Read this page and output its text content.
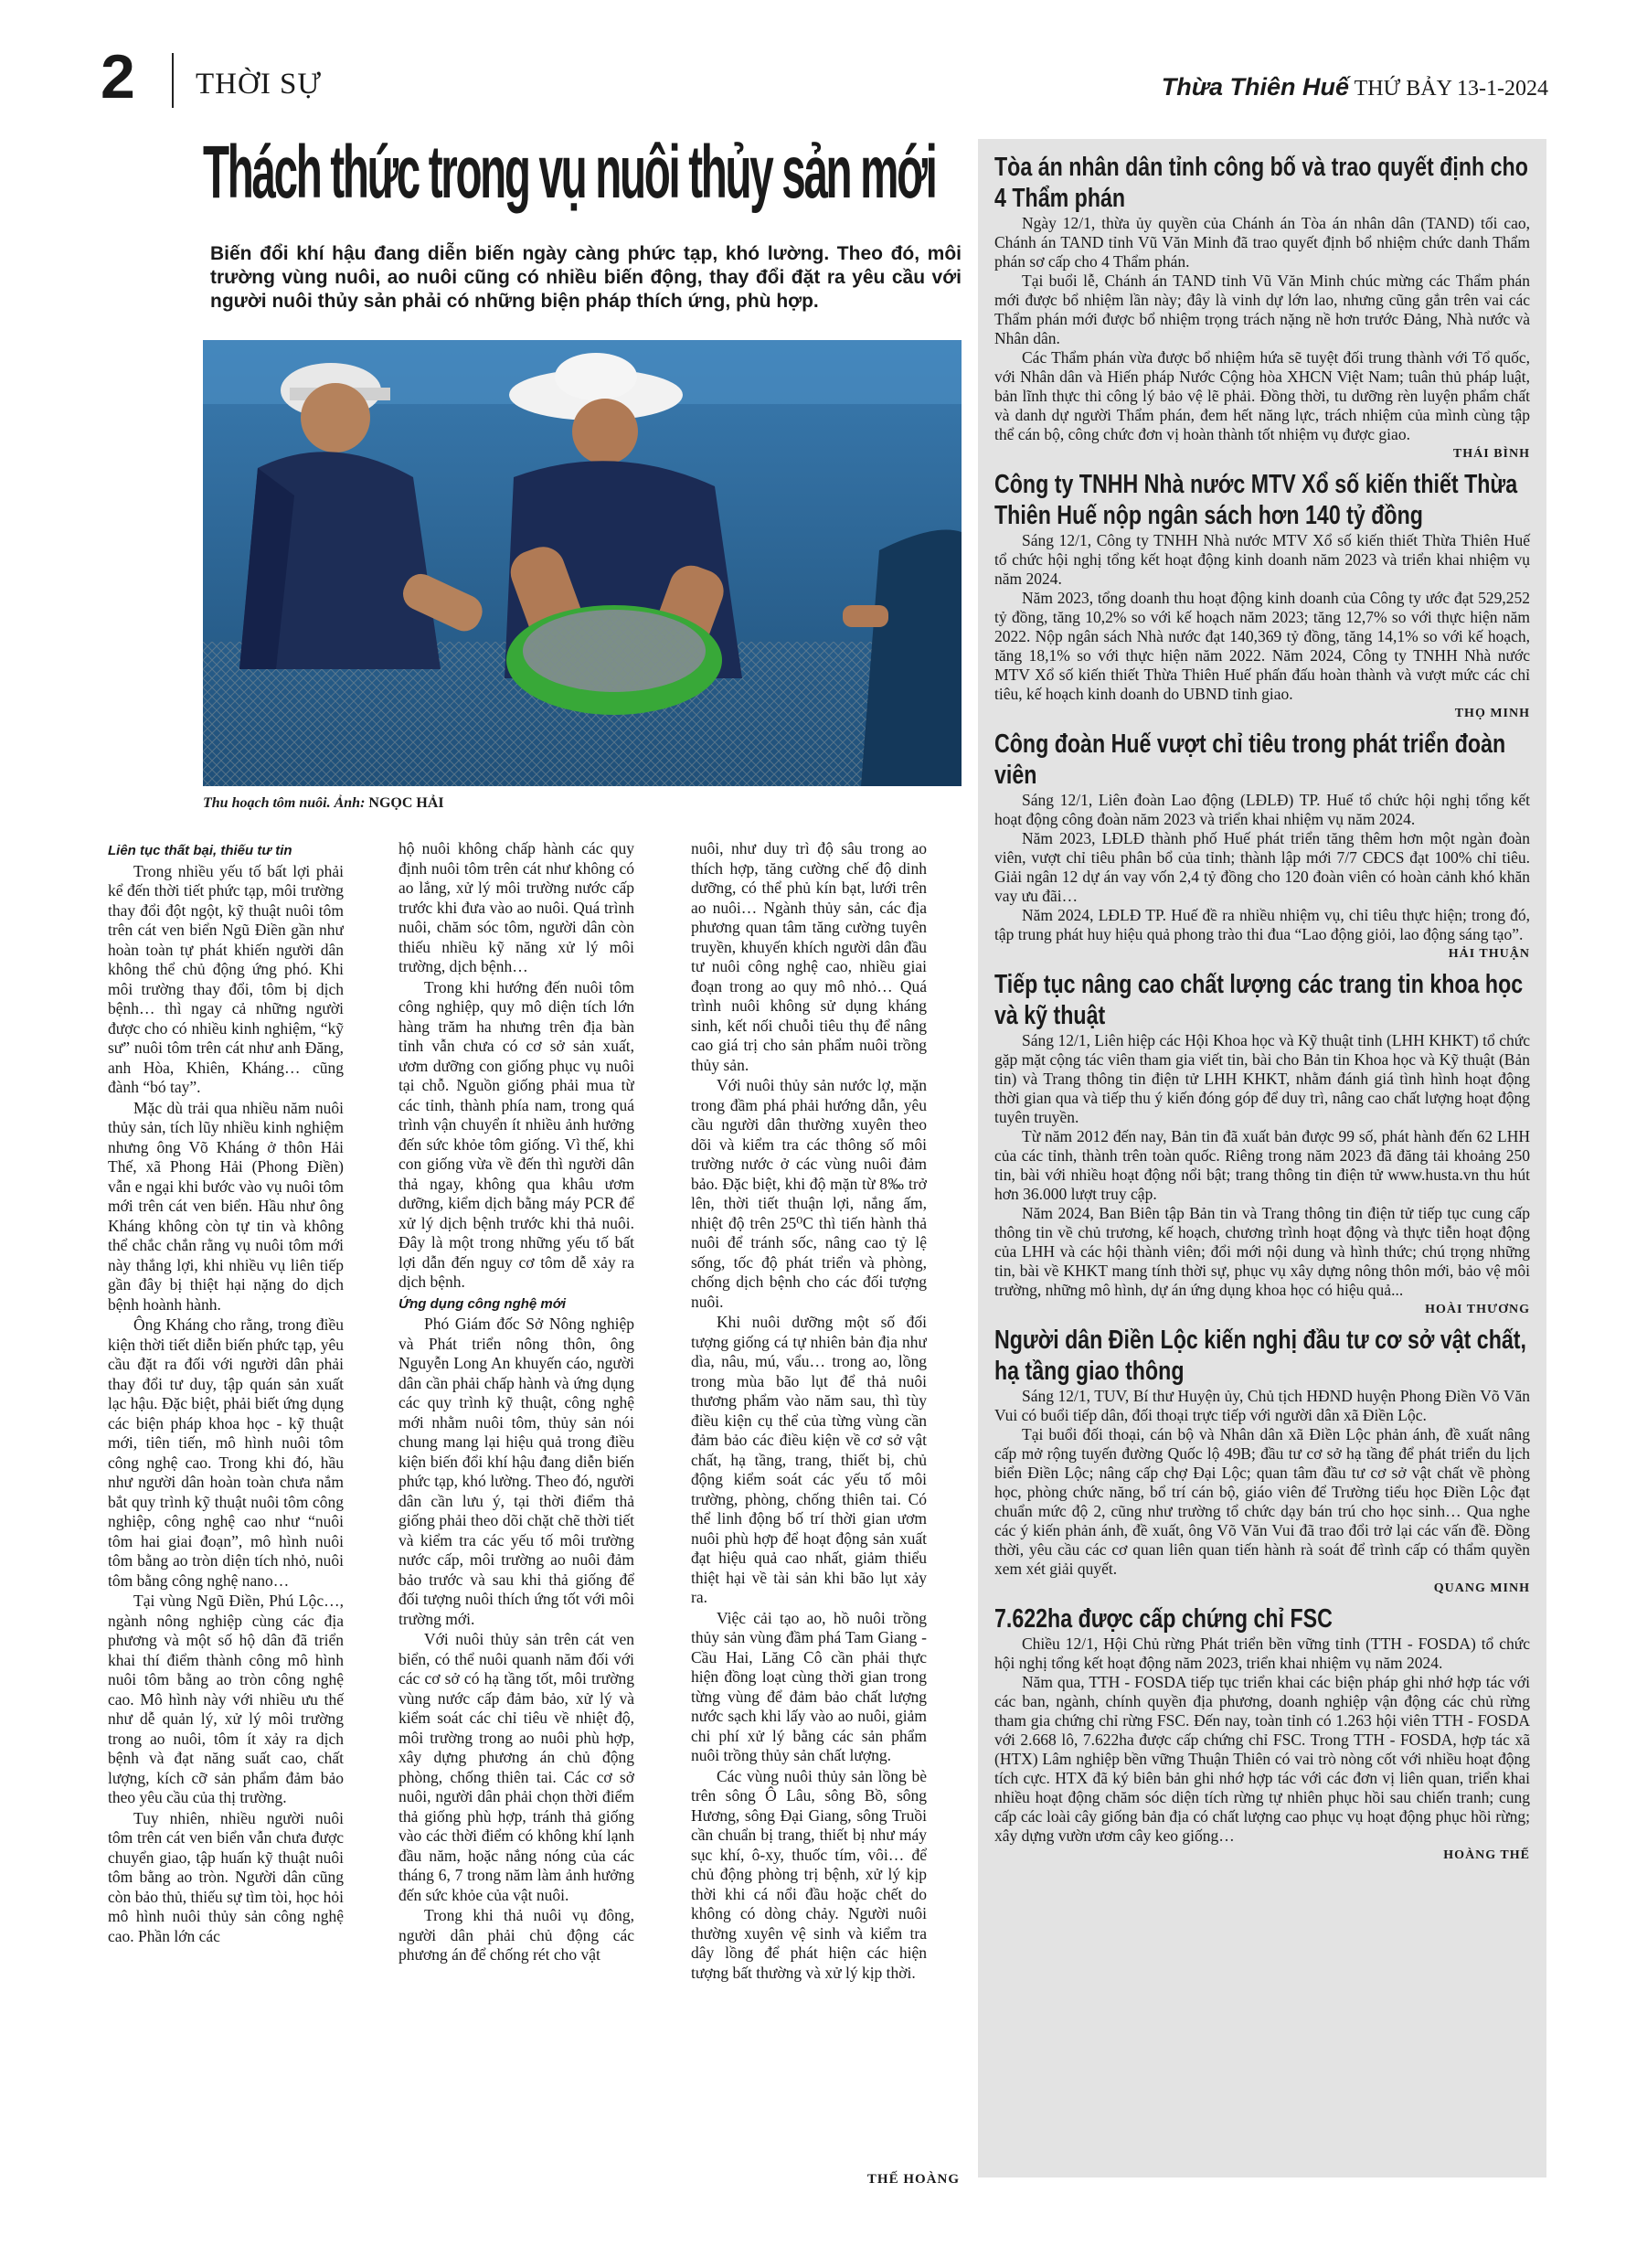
2 THỜI SỰ	Thừa Thiên Huế THỨ BẢY 13-1-2024
Thách thức trong vụ nuôi thủy sản mới
Biến đổi khí hậu đang diễn biến ngày càng phức tạp, khó lường. Theo đó, môi trường vùng nuôi, ao nuôi cũng có nhiều biến động, thay đổi đặt ra yêu cầu với người nuôi thủy sản phải có những biện pháp thích ứng, phù hợp.
Thu hoạch tôm nuôi. Ảnh: NGỌC HẢI

Liên tục thất bại, thiếu tư tin

Trong nhiều yếu tố bất lợi phải kể đến thời tiết phức tạp, môi trường thay đổi đột ngột, kỹ thuật nuôi tôm trên cát ven biển Ngũ Điền gần như hoàn toàn tự phát khiến người dân không thể chủ động ứng phó. Khi môi trường thay đổi, tôm bị dịch bệnh… thì ngay cả những người được cho có nhiều kinh nghiệm, “kỹ sư” nuôi tôm trên cát như anh Đăng, anh Hòa, Khiên, Kháng… cũng đành “bó tay”.

Mặc dù trải qua nhiều năm nuôi thủy sản, tích lũy nhiều kinh nghiệm nhưng ông Võ Kháng ở thôn Hải Thế, xã Phong Hải (Phong Điền) vẫn e ngại khi bước vào vụ nuôi tôm mới trên cát ven biển. Hầu như ông Kháng không còn tự tin và không thể chắc chắn rằng vụ nuôi tôm mới này thắng lợi, khi nhiều vụ liên tiếp gần đây bị thiệt hại nặng do dịch bệnh hoành hành.

Ông Kháng cho rằng, trong điều kiện thời tiết diễn biến phức tạp, yêu cầu đặt ra đối với người dân phải thay đổi tư duy, tập quán sản xuất lạc hậu. Đặc biệt, phải biết ứng dụng các biện pháp khoa học - kỹ thuật mới, tiên tiến, mô hình nuôi tôm công nghệ cao. Trong khi đó, hầu như người dân hoàn toàn chưa nắm bắt quy trình kỹ thuật nuôi tôm công nghiệp, công nghệ cao như “nuôi tôm hai giai đoạn”, mô hình nuôi tôm bằng ao tròn diện tích nhỏ, nuôi tôm bằng công nghệ nano…

Tại vùng Ngũ Điền, Phú Lộc…, ngành nông nghiệp cùng các địa phương và một số hộ dân đã triển khai thí điểm thành công mô hình nuôi tôm bằng ao tròn công nghệ cao. Mô hình này với nhiều ưu thế như dễ quản lý, xử lý môi trường trong ao nuôi, tôm ít xảy ra dịch bệnh và đạt năng suất cao, chất lượng, kích cỡ sản phẩm đảm bảo theo yêu cầu của thị trường.

Tuy nhiên, nhiều người nuôi tôm trên cát ven biển vẫn chưa được chuyển giao, tập huấn kỹ thuật nuôi tôm bằng ao tròn. Người dân cũng còn bảo thủ, thiếu sự tìm tòi, học hỏi mô hình nuôi thủy sản công nghệ cao. Phần lớn các

hộ nuôi không chấp hành các quy định nuôi tôm trên cát như không có ao lắng, xử lý môi trường nước cấp trước khi đưa vào ao nuôi. Quá trình nuôi, chăm sóc tôm, người dân còn thiếu nhiều kỹ năng xử lý môi trường, dịch bệnh…

Trong khi hướng đến nuôi tôm công nghiệp, quy mô diện tích lớn hàng trăm ha nhưng trên địa bàn tỉnh vẫn chưa có cơ sở sản xuất, ươm dưỡng con giống phục vụ nuôi tại chỗ. Nguồn giống phải mua từ các tỉnh, thành phía nam, trong quá trình vận chuyển ít nhiều ảnh hưởng đến sức khỏe tôm giống. Vì thế, khi con giống vừa về đến thì người dân thả ngay, không qua khâu ươm dưỡng, kiểm dịch bằng máy PCR để xử lý dịch bệnh trước khi thả nuôi. Đây là một trong những yếu tố bất lợi dẫn đến nguy cơ tôm dễ xảy ra dịch bệnh.

Ứng dụng công nghệ mới

Phó Giám đốc Sở Nông nghiệp và Phát triển nông thôn, ông Nguyễn Long An khuyến cáo, người dân cần phải chấp hành và ứng dụng các quy trình kỹ thuật, công nghệ mới nhằm nuôi tôm, thủy sản nói chung mang lại hiệu quả trong điều kiện biến đổi khí hậu đang diễn biến phức tạp, khó lường. Theo đó, người dân cần lưu ý, tại thời điểm thả giống phải theo dõi chặt chẽ thời tiết và kiểm tra các yếu tố môi trường nước cấp, môi trường ao nuôi đảm bảo trước và sau khi thả giống để đối tượng nuôi thích ứng tốt với môi trường mới.

Với nuôi thủy sản trên cát ven biển, có thể nuôi quanh năm đối với các cơ sở có hạ tầng tốt, môi trường vùng nước cấp đảm bảo, xử lý và kiểm soát các chỉ tiêu về nhiệt độ, môi trường trong ao nuôi phù hợp, xây dựng phương án chủ động phòng, chống thiên tai. Các cơ sở nuôi, người dân phải chọn thời điểm thả giống phù hợp, tránh thả giống vào các thời điểm có không khí lạnh đầu năm, hoặc nắng nóng của các tháng 6, 7 trong năm làm ảnh hưởng đến sức khỏe của vật nuôi.

Trong khi thả nuôi vụ đông, người dân phải chủ động các phương án để chống rét cho vật

nuôi, như duy trì độ sâu trong ao thích hợp, tăng cường chế độ dinh dưỡng, có thể phủ kín bạt, lưới trên ao nuôi… Ngành thủy sản, các địa phương quan tâm tăng cường tuyên truyền, khuyến khích người dân đầu tư nuôi công nghệ cao, nhiều giai đoạn trong ao quy mô nhỏ… Quá trình nuôi không sử dụng kháng sinh, kết nối chuỗi tiêu thụ để nâng cao giá trị cho sản phẩm nuôi trồng thủy sản.

Với nuôi thủy sản nước lợ, mặn trong đầm phá phải hướng dẫn, yêu cầu người dân thường xuyên theo dõi và kiểm tra các thông số môi trường nước ở các vùng nuôi đảm bảo. Đặc biệt, khi độ mặn từ 8‰ trở lên, thời tiết thuận lợi, nắng ấm, nhiệt độ trên 25⁰C thì tiến hành thả nuôi để tránh sốc, nâng cao tỷ lệ sống, tốc độ phát triển và phòng, chống dịch bệnh cho các đối tượng nuôi.

Khi nuôi dưỡng một số đối tượng giống cá tự nhiên bản địa như dìa, nâu, mú, vẩu… trong ao, lồng trong mùa bão lụt để thả nuôi thương phẩm vào năm sau, thì tùy điều kiện cụ thể của từng vùng cần đảm bảo các điều kiện về cơ sở vật chất, hạ tầng, trang, thiết bị, chủ động kiểm soát các yếu tố môi trường, phòng, chống thiên tai. Có thể linh động bố trí thời gian ươm nuôi phù hợp để hoạt động sản xuất đạt hiệu quả cao nhất, giảm thiểu thiệt hại về tài sản khi bão lụt xảy ra.

Việc cải tạo ao, hồ nuôi trồng thủy sản vùng đầm phá Tam Giang - Cầu Hai, Lăng Cô cần phải thực hiện đồng loạt cùng thời gian trong từng vùng để đảm bảo chất lượng nước sạch khi lấy vào ao nuôi, giảm chi phí xử lý bằng các sản phẩm nuôi trồng thủy sản chất lượng.

Các vùng nuôi thủy sản lồng bè trên sông Ô Lâu, sông Bồ, sông Hương, sông Đại Giang, sông Truồi cần chuẩn bị trang, thiết bị như máy sục khí, ô-xy, thuốc tím, vôi… để chủ động phòng trị bệnh, xử lý kịp thời khi cá nổi đầu hoặc chết do không có dòng chảy. Người nuôi thường xuyên vệ sinh và kiểm tra dây lồng để phát hiện các hiện tượng bất thường và xử lý kịp thời.

THẾ HOÀNG
Tòa án nhân dân tỉnh công bố và trao quyết định cho 4 Thẩm phán

Ngày 12/1, thừa ủy quyền của Chánh án Tòa án nhân dân (TAND) tối cao, Chánh án TAND tỉnh Vũ Văn Minh đã trao quyết định bổ nhiệm chức danh Thẩm phán sơ cấp cho 4 Thẩm phán.

Tại buổi lễ, Chánh án TAND tỉnh Vũ Văn Minh chúc mừng các Thẩm phán mới được bổ nhiệm lần này; đây là vinh dự lớn lao, nhưng cũng gắn trên vai các Thẩm phán mới được bổ nhiệm trọng trách nặng nề hơn trước Đảng, Nhà nước và Nhân dân.

Các Thẩm phán vừa được bổ nhiệm hứa sẽ tuyệt đối trung thành với Tổ quốc, với Nhân dân và Hiến pháp Nước Cộng hòa XHCN Việt Nam; tuân thủ pháp luật, bản lĩnh thực thi công lý bảo vệ lẽ phải. Đồng thời, tu dưỡng rèn luyện phẩm chất và danh dự người Thẩm phán, đem hết năng lực, trách nhiệm của mình cùng tập thể cán bộ, công chức đơn vị hoàn thành tốt nhiệm vụ được giao.

THÁI BÌNH
Công ty TNHH Nhà nước MTV Xổ số kiến thiết Thừa Thiên Huế nộp ngân sách hơn 140 tỷ đồng

Sáng 12/1, Công ty TNHH Nhà nước MTV Xổ số kiến thiết Thừa Thiên Huế tổ chức hội nghị tổng kết hoạt động kinh doanh năm 2023 và triển khai nhiệm vụ năm 2024.

Năm 2023, tổng doanh thu hoạt động kinh doanh của Công ty ước đạt 529,252 tỷ đồng, tăng 10,2% so với kế hoạch năm 2023; tăng 12,7% so với thực hiện năm 2022. Nộp ngân sách Nhà nước đạt 140,369 tỷ đồng, tăng 14,1% so với kế hoạch, tăng 18,1% so với thực hiện năm 2022. Năm 2024, Công ty TNHH Nhà nước MTV Xổ số kiến thiết Thừa Thiên Huế phấn đấu hoàn thành và vượt mức các chỉ tiêu, kế hoạch kinh doanh do UBND tỉnh giao.

THỌ MINH
Công đoàn Huế vượt chỉ tiêu trong phát triển đoàn viên

Sáng 12/1, Liên đoàn Lao động (LĐLĐ) TP. Huế tổ chức hội nghị tổng kết hoạt động công đoàn năm 2023 và triển khai nhiệm vụ năm 2024.

Năm 2023, LĐLĐ thành phố Huế phát triển tăng thêm hơn một ngàn đoàn viên, vượt chỉ tiêu phân bổ của tỉnh; thành lập mới 7/7 CĐCS đạt 100% chỉ tiêu. Giải ngân 12 dự án vay vốn 2,4 tỷ đồng cho 120 đoàn viên có hoàn cảnh khó khăn vay ưu đãi…

Năm 2024, LĐLĐ TP. Huế đề ra nhiều nhiệm vụ, chỉ tiêu thực hiện; trong đó, tập trung phát huy hiệu quả phong trào thi đua “Lao động giỏi, lao động sáng tạo”.

HẢI THUẬN
Tiếp tục nâng cao chất lượng các trang tin khoa học và kỹ thuật

Sáng 12/1, Liên hiệp các Hội Khoa học và Kỹ thuật tỉnh (LHH KHKT) tổ chức gặp mặt cộng tác viên tham gia viết tin, bài cho Bản tin Khoa học và Kỹ thuật (Bản tin) và Trang thông tin điện tử LHH KHKT, nhằm đánh giá tình hình hoạt động thời gian qua và tiếp thu ý kiến đóng góp để duy trì, nâng cao chất lượng hoạt động tuyên truyền.

Từ năm 2012 đến nay, Bản tin đã xuất bản được 99 số, phát hành đến 62 LHH của các tỉnh, thành trên toàn quốc. Riêng trong năm 2023 đã đăng tải khoảng 250 tin, bài với nhiều hoạt động nổi bật; trang thông tin điện tử www.husta.vn thu hút hơn 36.000 lượt truy cập.

Năm 2024, Ban Biên tập Bản tin và Trang thông tin điện tử tiếp tục cung cấp thông tin về chủ trương, kế hoạch, chương trình hoạt động và thực tiễn hoạt động của LHH và các hội thành viên; đổi mới nội dung và hình thức; chú trọng những tin, bài về KHKT mang tính thời sự, phục vụ xây dựng nông thôn mới, bảo vệ môi trường, những mô hình, dự án ứng dụng khoa học có hiệu quả...

HOÀI THƯƠNG
Người dân Điền Lộc kiến nghị đầu tư cơ sở vật chất, hạ tầng giao thông

Sáng 12/1, TUV, Bí thư Huyện ủy, Chủ tịch HĐND huyện Phong Điền Võ Văn Vui có buổi tiếp dân, đối thoại trực tiếp với người dân xã Điền Lộc.

Tại buổi đối thoại, cán bộ và Nhân dân xã Điền Lộc phản ánh, đề xuất nâng cấp mở rộng tuyến đường Quốc lộ 49B; đầu tư cơ sở hạ tầng để phát triển du lịch biển Điền Lộc; nâng cấp chợ Đại Lộc; quan tâm đầu tư cơ sở vật chất về phòng học, phòng chức năng, bổ trí cán bộ, giáo viên để Trường tiểu học Điền Lộc đạt chuẩn mức độ 2, cũng như trường tổ chức dạy bán trú cho học sinh… Qua nghe các ý kiến phản ánh, đề xuất, ông Võ Văn Vui đã trao đổi trở lại các vấn đề. Đồng thời, yêu cầu các cơ quan liên quan tiến hành rà soát để trình cấp có thẩm quyền xem xét giải quyết.

QUANG MINH
7.622ha được cấp chứng chỉ FSC

Chiều 12/1, Hội Chủ rừng Phát triển bền vững tỉnh (TTH - FOSDA) tổ chức hội nghị tổng kết hoạt động năm 2023, triển khai nhiệm vụ năm 2024.

Năm qua, TTH - FOSDA tiếp tục triển khai các biện pháp ghi nhớ hợp tác với các ban, ngành, chính quyền địa phương, doanh nghiệp vận động các chủ rừng tham gia chứng chỉ rừng FSC. Đến nay, toàn tỉnh có 1.263 hội viên TTH - FOSDA với 2.668 lô, 7.622ha được cấp chứng chỉ FSC. Trong TTH - FOSDA, hợp tác xã (HTX) Lâm nghiệp bền vững Thuận Thiên có vai trò nòng cốt với nhiều hoạt động tích cực. HTX đã ký biên bản ghi nhớ hợp tác với các đơn vị liên quan, triển khai nhiều hoạt động chăm sóc diện tích rừng tự nhiên phục hồi sau chiến tranh; cung cấp các loài cây giống bản địa có chất lượng cao phục vụ hoạt động phục hồi rừng; xây dựng vườn ươm cây keo giống…

HOÀNG THẾ
